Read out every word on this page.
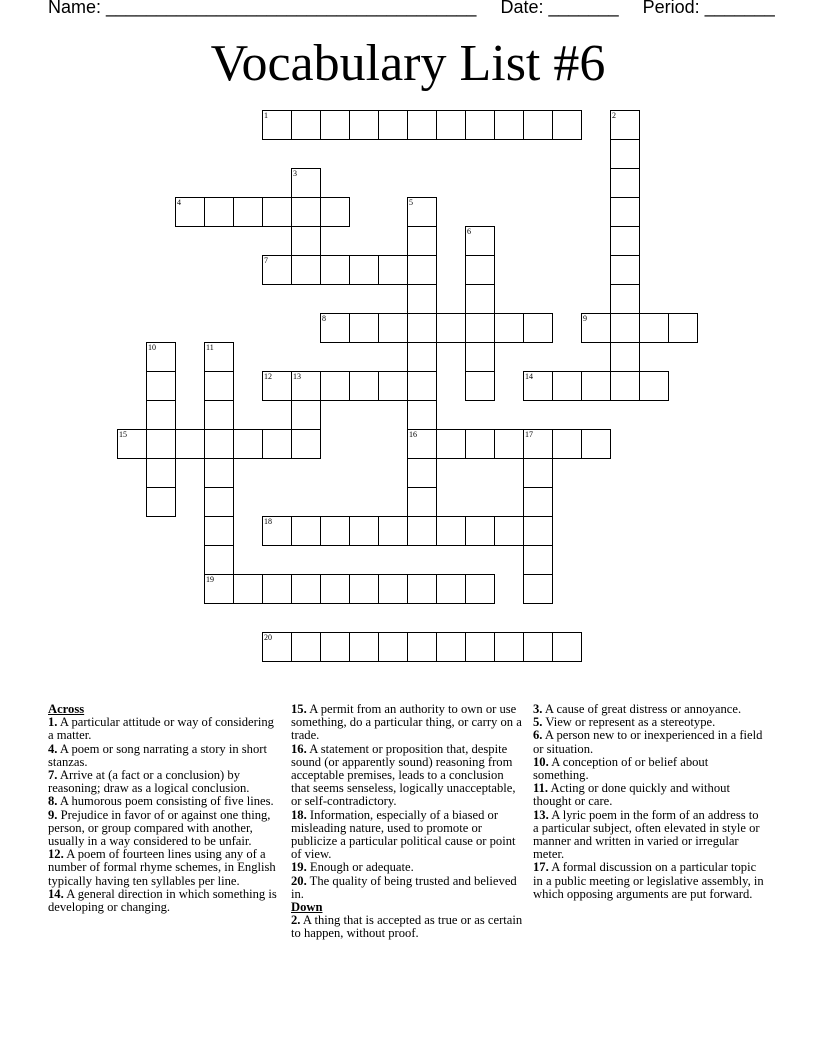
Name: _____________________________________ Date: _______ Period: _______
Vocabulary List #6
1	2
3
4	5
16
6
7
8	9
10	11
19
12	13	14
15	17
18
20
Across
1. A particular attitude or way of considering a matter.
4. A poem or song narrating a story in short stanzas.
7. Arrive at (a fact or a conclusion) by reasoning; draw as a logical conclusion.
8. A humorous poem consisting of five lines.
9. Prejudice in favor of or against one thing, person, or group compared with another, usually in a way considered to be unfair.
12. A poem of fourteen lines using any of a number of formal rhyme schemes, in English typically having ten syllables per line.
14. A general direction in which something is developing or changing.
15. A permit from an authority to own or use something, do a particular thing, or carry on a trade.
16. A statement or proposition that, despite sound (or apparently sound) reasoning from acceptable premises, leads to a conclusion that seems senseless, logically unacceptable, or self-contradictory.
18. Information, especially of a biased or misleading nature, used to promote or publicize a particular political cause or point of view.
19. Enough or adequate.
20. The quality of being trusted and believed in.
Down
2. A thing that is accepted as true or as certain to happen, without proof.
3. A cause of great distress or annoyance.
5. View or represent as a stereotype.
6. A person new to or inexperienced in a field or situation.
10. A conception of or belief about something.
11. Acting or done quickly and without thought or care.
13. A lyric poem in the form of an address to a particular subject, often elevated in style or manner and written in varied or irregular meter.
17. A formal discussion on a particular topic in a public meeting or legislative assembly, in which opposing arguments are put forward.
